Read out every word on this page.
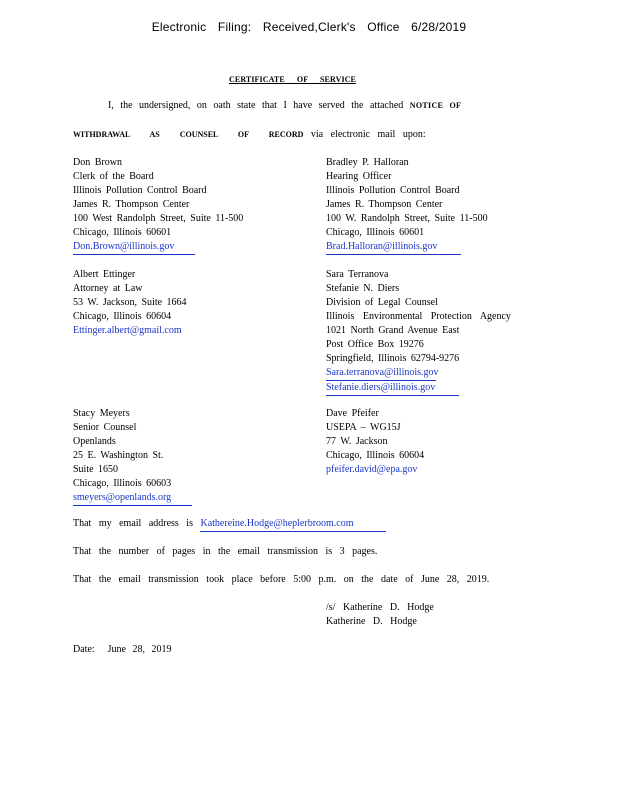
Electronic Filing: Received,Clerk's Office 6/28/2019
CERTIFICATE OF SERVICE
I, the undersigned, on oath state that I have served the attached NOTICE OF
WITHDRAWAL AS COUNSEL OF RECORD via electronic mail upon:
Don Brown
Clerk of the Board
Illinois Pollution Control Board
James R. Thompson Center
100 West Randolph Street, Suite 11-500
Chicago, Illinois 60601
Don.Brown@illinois.gov
Bradley P. Halloran
Hearing Officer
Illinois Pollution Control Board
James R. Thompson Center
100 W. Randolph Street, Suite 11-500
Chicago, Illinois 60601
Brad.Halloran@illinois.gov
Albert Ettinger
Attorney at Law
53 W. Jackson, Suite 1664
Chicago, Illinois 60604
Ettinger.albert@gmail.com
Sara Terranova
Stefanie N. Diers
Division of Legal Counsel
Illinois Environmental Protection Agency
1021 North Grand Avenue East
Post Office Box 19276
Springfield, Illinois 62794-9276
Sara.terranova@illinois.gov
Stefanie.diers@illinois.gov
Stacy Meyers
Senior Counsel
Openlands
25 E. Washington St.
Suite 1650
Chicago, Illinois 60603
smeyers@openlands.org
Dave Pfeifer
USEPA – WG15J
77 W. Jackson
Chicago, Illinois 60604
pfeifer.david@epa.gov
That my email address is Kathereine.Hodge@heplerbroom.com
That the number of pages in the email transmission is 3 pages.
That the email transmission took place before 5:00 p.m. on the date of June 28, 2019.
/s/ Katherine D. Hodge
Katherine D. Hodge
Date:  June 28, 2019
